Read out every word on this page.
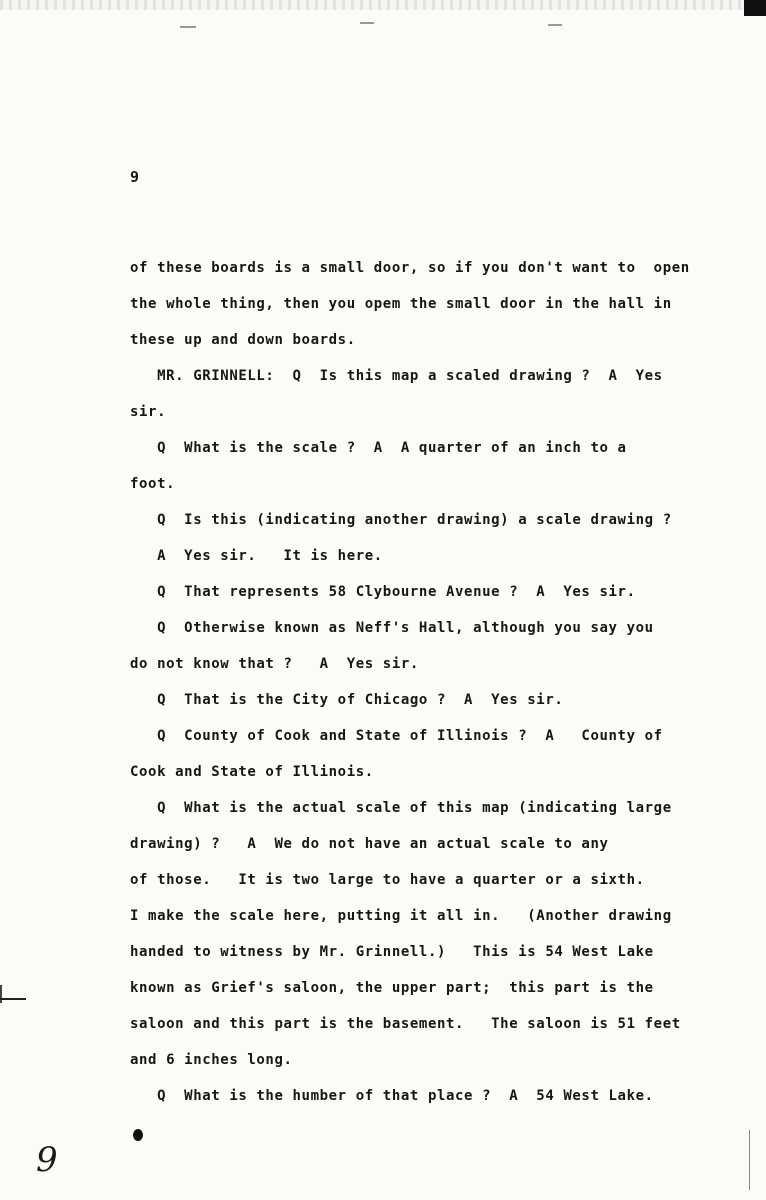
9
of these boards is a small door, so if you don't want to  open
the whole thing, then you opem the small door in the hall in
these up and down boards.
MR. GRINNELL:  Q  Is this map a scaled drawing ?  A  Yes
sir.
Q  What is the scale ?  A  A quarter of an inch to a
foot.
Q  Is this (indicating another drawing) a scale drawing ?
A  Yes sir.   It is here.
Q  That represents 58 Clybourne Avenue ?  A  Yes sir.
Q  Otherwise known as Neff's Hall, although you say you
do not know that ?   A  Yes sir.
Q  That is the City of Chicago ?  A  Yes sir.
Q  County of Cook and State of Illinois ?  A   County of
Cook and State of Illinois.
Q  What is the actual scale of this map (indicating large
drawing) ?   A  We do not have an actual scale to any
of those.   It is two large to have a quarter or a sixth.
I make the scale here, putting it all in.   (Another drawing
handed to witness by Mr. Grinnell.)   This is 54 West Lake
known as Grief's saloon, the upper part;  this part is the
saloon and this part is the basement.   The saloon is 51 feet
and 6 inches long.
Q  What is the humber of that place ?  A  54 West Lake.
9
